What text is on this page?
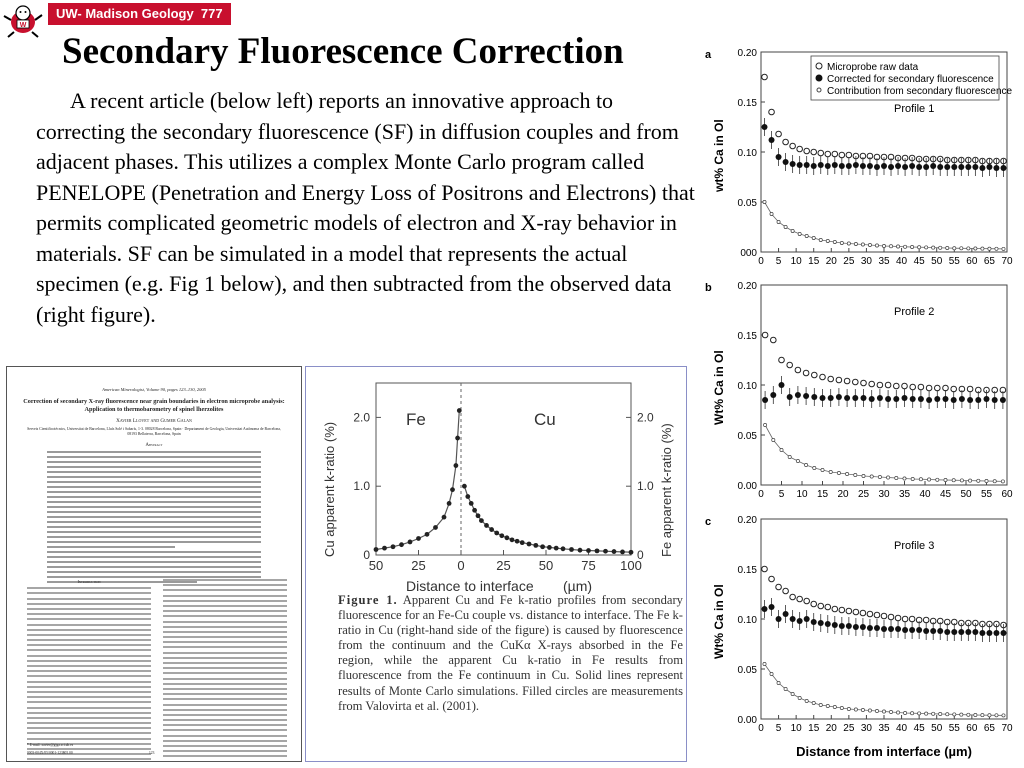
W
UW- Madison Geology  777
Secondary Fluorescence Correction
A recent article (below left) reports an innovative approach to correcting the secondary fluorescence (SF) in diffusion couples and from adjacent phases. This utilizes a complex Monte Carlo program called PENELOPE (Penetration and Energy Loss of Positrons and Electrons) that permits complicated geometric models of electron and X-ray behavior in materials. SF can be simulated in a model that represents the actual specimen (e.g. Fig 1 below), and then subtracted from the observed data (right figure).
American Mineralogist, Volume 90, pages 123–130, 2005
Correction of secondary X-ray fluorescence near grain boundaries in electron microprobe analysis: Application to thermobarometry of spinel lherzolites
Xavier Llovet and Gumer Galan
Serveis Cientificotècnics, Universitat de Barcelona, Lluís Solé i Sabarís, 1-3. 08028 Barcelona, Spain · Departament de Geologia, Universitat Autònoma de Barcelona, 08193 Bellaterra, Barcelona, Spain
Abstract
Introduction
* E-mail: xavier@giga.sct.ub.es
0003-004X/05/0001-123$05.00	123
50 25 0 25 50 75 100
0	0
1.0	1.0
2.0	2.0
Fe	Cu
Cu apparent k-ratio (%)	Fe apparent k-ratio (%)
Distance to interface (µm)
Figure 1. Apparent Cu and Fe k-ratio profiles from secondary fluorescence for an Fe-Cu couple vs. distance to interface. The Fe k-ratio in Cu (right-hand side of the figure) is caused by fluorescence from the continuum and the CuKα X-rays absorbed in the Fe region, while the apparent Cu k-ratio in Fe results from fluorescence from the Fe continuum in Cu. Solid lines represent results of Monte Carlo simulations. Filled circles are measurements from Valovirta et al. (2001).
a
wt% Ca in Ol
Profile 1
000
0.05
0.10
0.15
0.20
0 5 10 15 20 25 30 35 40 45 50 55 60 65 70
b
Wt% Ca in Ol
Profile 2
0.00
0.05
0.10
0.15
0.20
0 5 10 15 20 25 30 35 40 45 50 55 60
c
Wt% Ca in Ol
Profile 3
0.00
0.05
0.10
0.15
0.20
0 5 10 15 20 25 30 35 40 45 50 55 60 65 70
Microprobe raw data
Corrected for secondary fluorescence
Contribution from secondary fluorescence
Distance from interface (µm)
